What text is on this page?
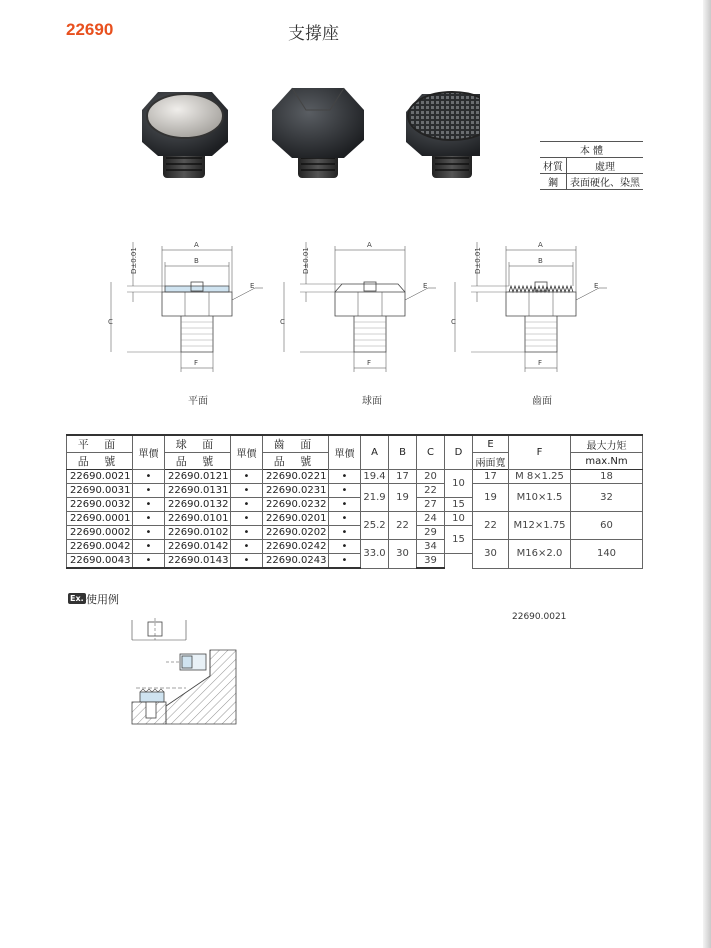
22690	支撐座
本 體	
材質	處理
鋼	表面硬化、染黑
A
B
E
F
C
D±0.01
A
E
F
C
D±0.01
A
B
E
F
C
D±0.01
平面	球面	齒面
平 面	單價	球 面	單價	齒 面	單價	A	B	C	D	E	F	最大力矩
品 號		品 號		品 號						兩面寬		max.Nm
22690.0021	•	22690.0121	•	22690.0221	•	19.4	17	20	10	17	M 8×1.25	18
22690.0031	•	22690.0131	•	22690.0231	•	21.9	19	22		19	M10×1.5	32
22690.0032	•	22690.0132	•	22690.0232	•			27	15			
22690.0001	•	22690.0101	•	22690.0201	•	25.2	22	24	10	22	M12×1.75	60
22690.0002	•	22690.0102	•	22690.0202	•			29	15			
22690.0042	•	22690.0142	•	22690.0242	•	33.0	30	34		30	M16×2.0	140
22690.0043	•	22690.0143	•	22690.0243	•			39				
Ex. 使用例
22690.0021
